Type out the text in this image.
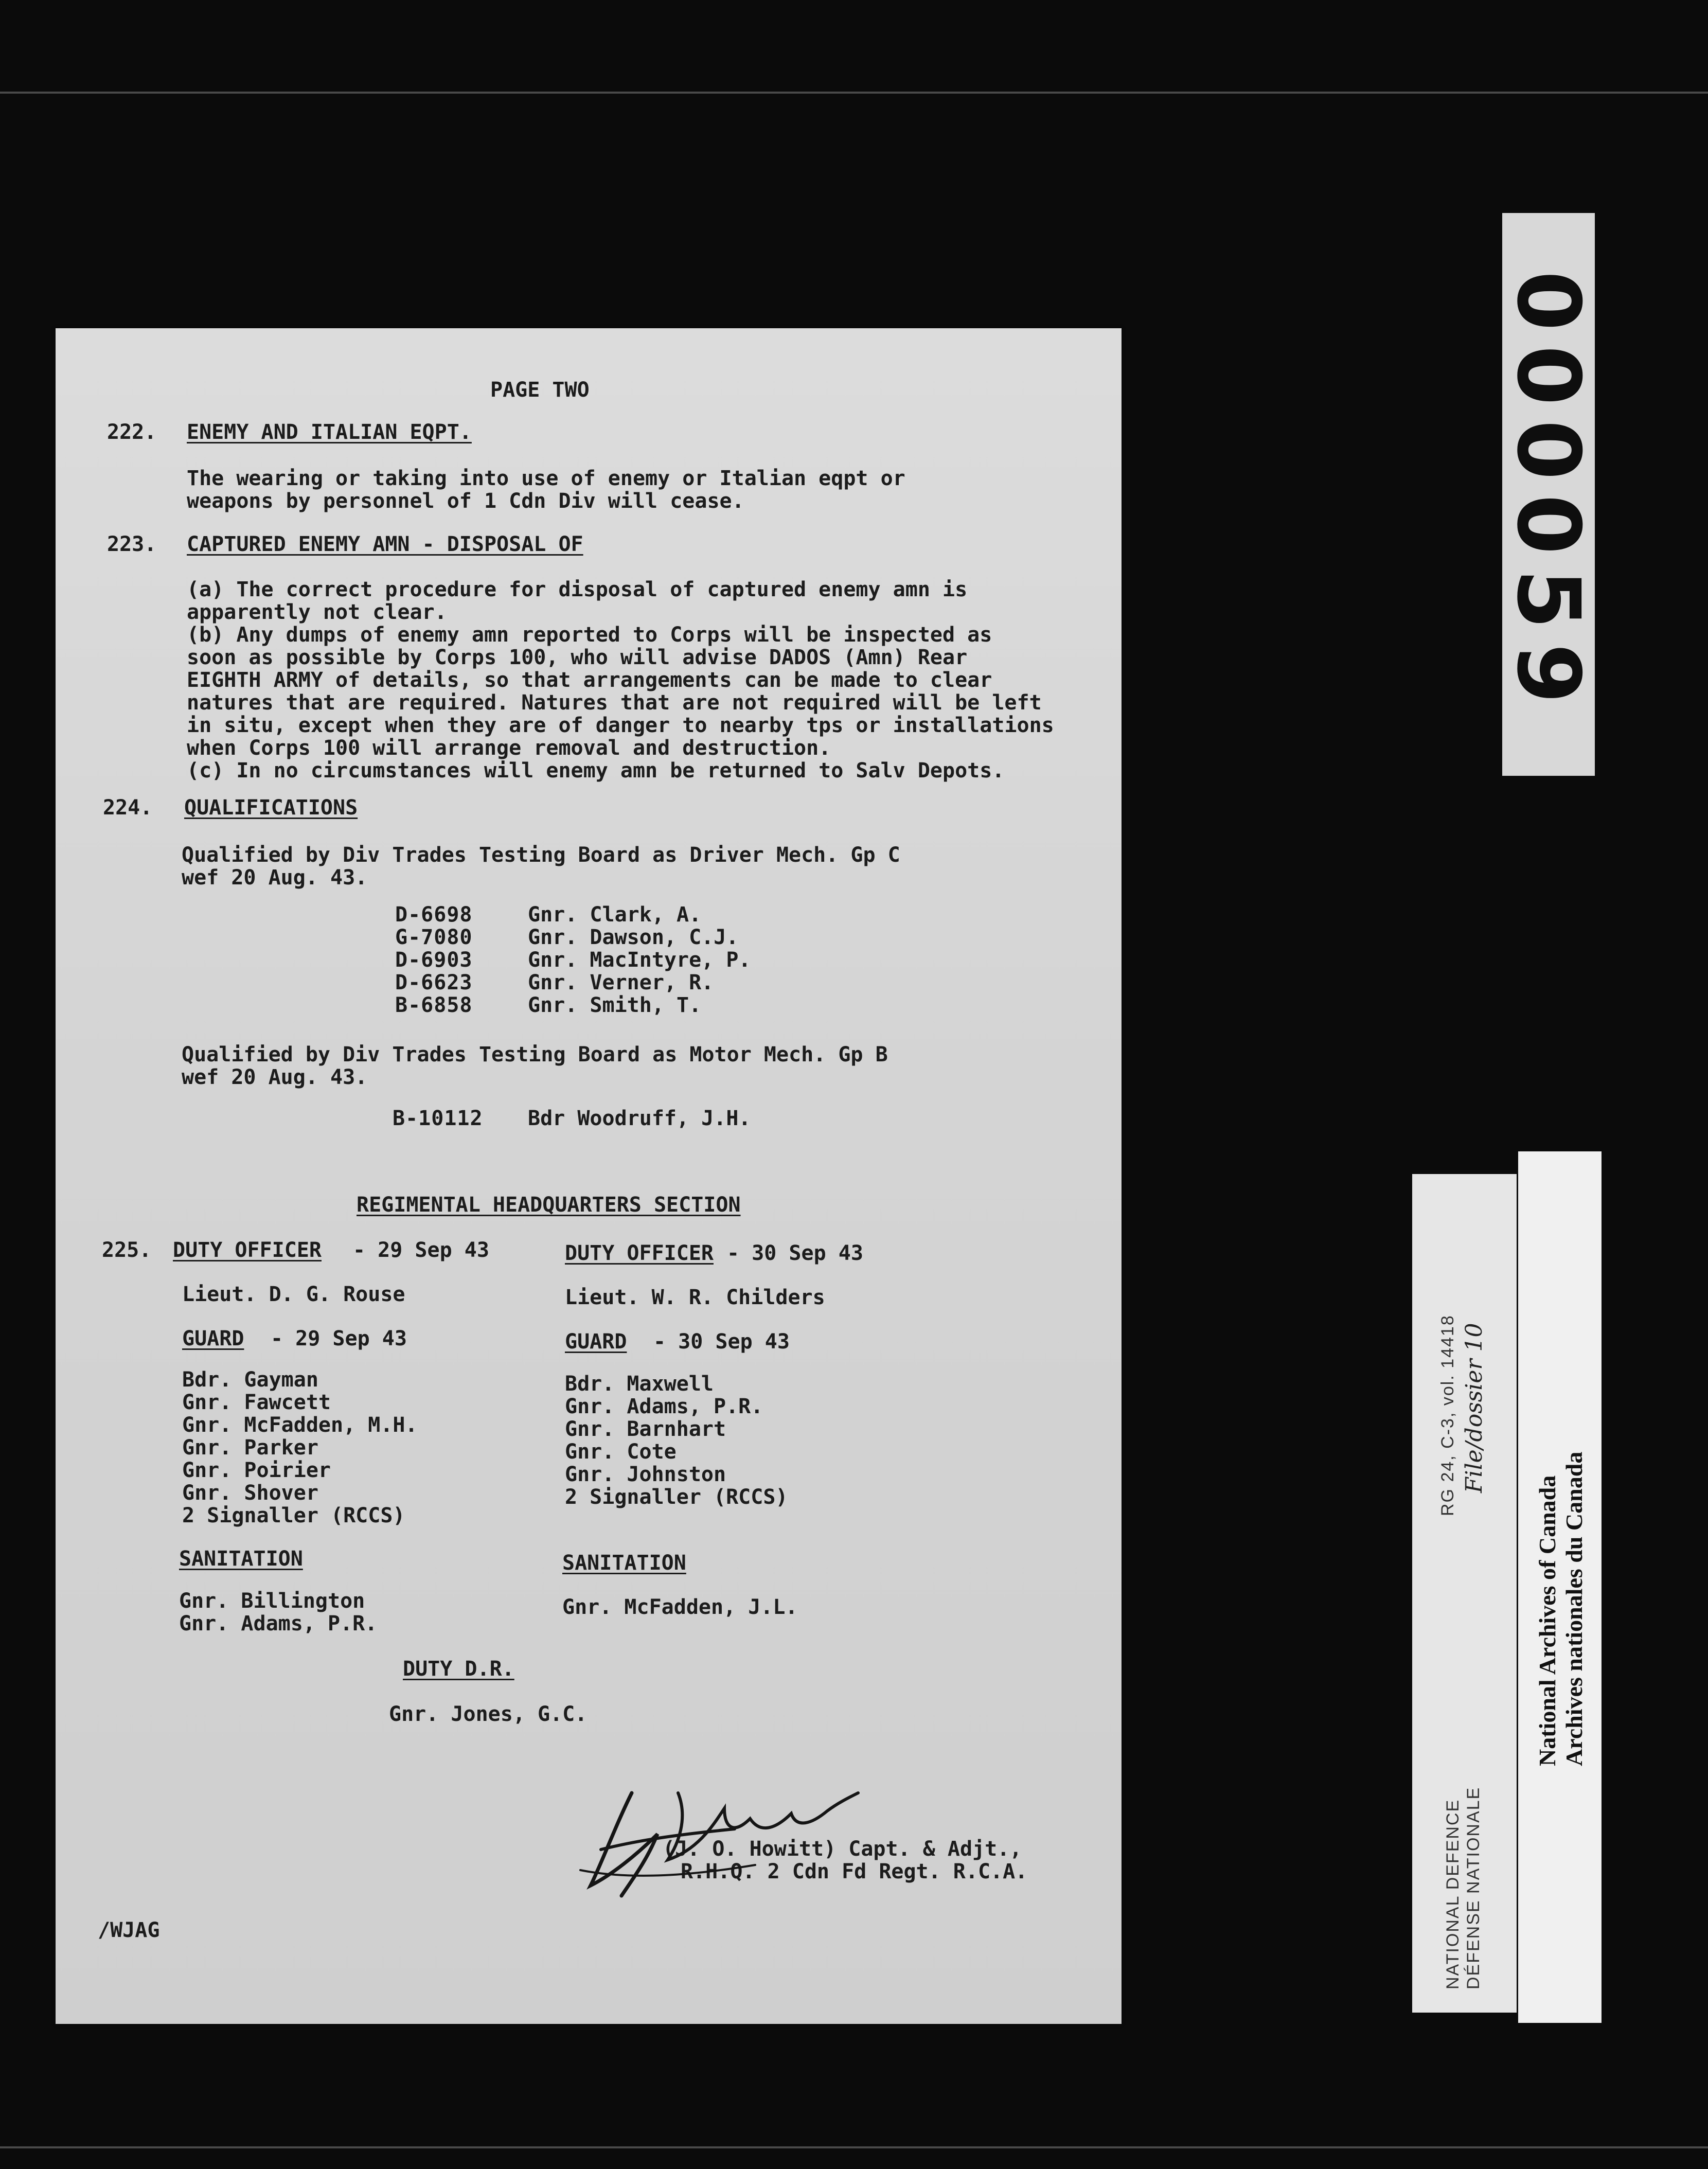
PAGE TWO
222. ENEMY AND ITALIAN EQPT.
The wearing or taking into use of enemy or Italian eqpt or
weapons by personnel of 1 Cdn Div will cease.
223. CAPTURED ENEMY AMN - DISPOSAL OF
(a) The correct procedure for disposal of captured enemy amn is
apparently not clear.
(b) Any dumps of enemy amn reported to Corps will be inspected as
soon as possible by Corps 100, who will advise DADOS (Amn) Rear
EIGHTH ARMY of details, so that arrangements can be made to clear
natures that are required. Natures that are not required will be left
in situ, except when they are of danger to nearby tps or installations
when Corps 100 will arrange removal and destruction.
(c) In no circumstances will enemy amn be returned to Salv Depots.
224. QUALIFICATIONS
Qualified by Div Trades Testing Board as Driver Mech. Gp C
wef 20 Aug. 43.
D-6698	Gnr. Clark, A.
G-7080	Gnr. Dawson, C.J.
D-6903	Gnr. MacIntyre, P.
D-6623	Gnr. Verner, R.
B-6858	Gnr. Smith, T.
Qualified by Div Trades Testing Board as Motor Mech. Gp B
wef 20 Aug. 43.
B-10112 Bdr Woodruff, J.H.
REGIMENTAL HEADQUARTERS SECTION
225. DUTY OFFICER - 29 Sep 43
Lieut. D. G. Rouse
GUARD - 29 Sep 43
Bdr. Gayman
Gnr. Fawcett
Gnr. McFadden, M.H.
Gnr. Parker
Gnr. Poirier
Gnr. Shover
2 Signaller (RCCS)
SANITATION
Gnr. Billington
Gnr. Adams, P.R.
DUTY OFFICER - 30 Sep 43
Lieut. W. R. Childers
GUARD - 30 Sep 43
Bdr. Maxwell
Gnr. Adams, P.R.
Gnr. Barnhart
Gnr. Cote
Gnr. Johnston
2 Signaller (RCCS)
SANITATION
Gnr. McFadden, J.L.
DUTY D.R.
Gnr. Jones, G.C.
(J. O. Howitt) Capt. & Adjt.,
R.H.Q. 2 Cdn Fd Regt. R.C.A.
/WJAG
000059
NATIONAL DEFENCE DÉFENSE NATIONALE
RG 24, C-3, vol. 14418 File/dossier 10
National Archives of Canada Archives nationales du Canada
